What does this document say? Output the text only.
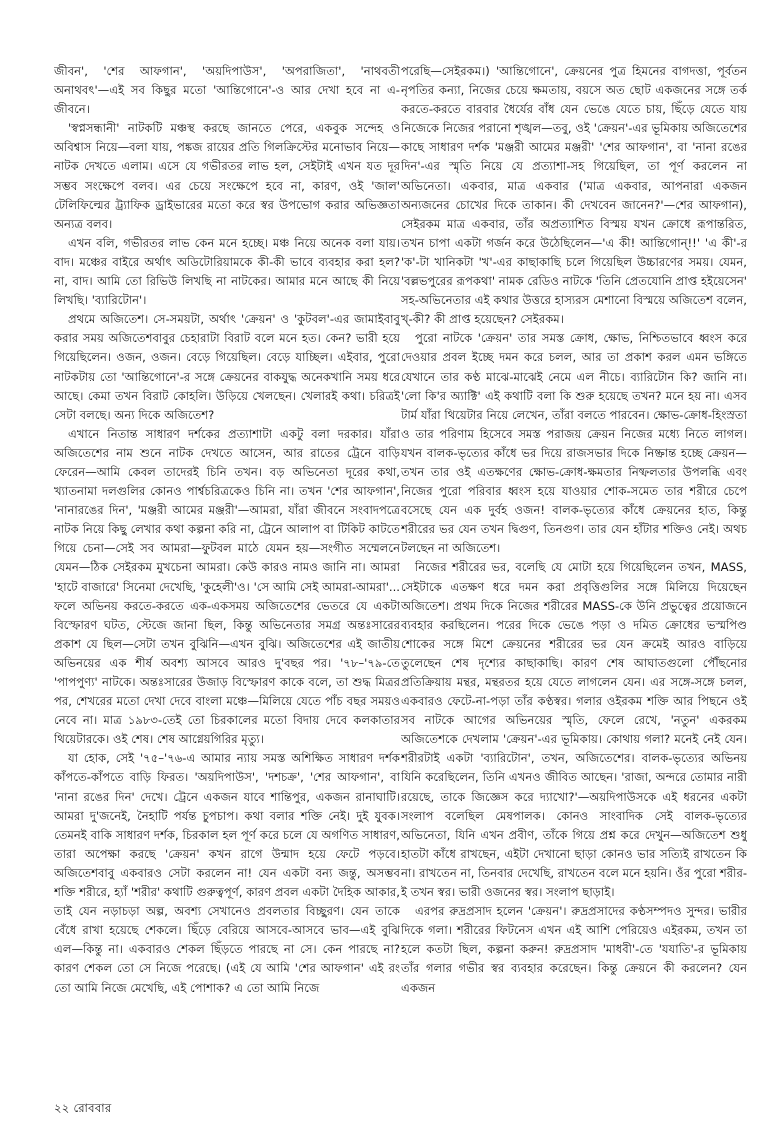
জীবন', 'শের আফগান', 'অয়দিপাউস', 'অপরাজিতা', 'নাথবতী অনাথবৎ'—এই সব কিছুর মতো 'আন্তিগোনে'-ও আর দেখা হবে না এ-জীবনে।

'স্বপ্নসন্ধানী' নাটকটি মঞ্চস্থ করছে জানতে পেরে, একবুক সন্দেহ ও অবিশ্বাস নিয়ে—বলা যায়, পঙ্কজ রায়ের প্রতি গিলক্রিস্টের মনোভাব নিয়ে—নাটক দেখতে এলাম। এসে যে গভীরতর লাভ হল, সেইটাই এখন যত দূর সম্ভব সংক্ষেপে বলব। এর চেয়ে সংক্ষেপে হবে না, কারণ, ওই 'জাল' টেলিফিল্মের ট্র্যাফিক ড্রাইভারের মতো করে স্বর উপভোগ করার অভিজ্ঞতা অন্যত্র বলব।

এখন বলি, গভীরতর লাভ কেন মনে হচ্ছে। মঞ্চ নিয়ে অনেক বলা যায়। বাদ। মঞ্চের বাইরে অর্থাৎ অডিটোরিয়ামকে কী-কী ভাবে ব্যবহার করা হল? না, বাদ। আমি তো রিভিউ লিখছি না নাটকের। আমার মনে আছে কী নিয়ে লিখছি। 'ব্যারিটোন'।

প্রথমে অজিতেশ। সে-সময়টা, অর্থাৎ 'ক্রেয়ন' ও 'কুটবল'-এর জামাইবাবু করার সময় অজিতেশবাবুর চেহারাটা বিরাট বলে মনে হত। কেন? ভারী হয়ে গিয়েছিলেন। ওজন, ওজন। বেড়ে গিয়েছিল। বেড়ে যাচ্ছিল। এইবার, পুরো নাটকটায় তো 'আন্তিগোনে'-র সঙ্গে ক্রেয়নের বাকযুদ্ধ অনেকখানি সময় ধরে আছে। কেমা তখন বিরাট কোহলি। উড়িয়ে খেলছেন। খেলারই কথা। চরিত্রই সেটা বলছে। অন্য দিকে অজিতেশ?

এখানে নিতান্ত সাধারণ দর্শকের প্রত্যাশাটা একটু বলা দরকার। যাঁরা অজিতেশের নাম শুনে নাটক দেখতে আসেন, আর রাতের ট্রেনে বাড়ি ফেরেন—আমি কেবল তাদেরই চিনি তখন। বড় অভিনেতা দূরের কথা, খ্যাতনামা দলগুলির কোনও পার্শ্বচরিত্রকেও চিনি না। তখন 'শের আফগান', 'নানারঙের দিন', 'মঞ্জরী আমের মঞ্জরী'—আমরা, যাঁরা জীবনে সংবাদপত্রে নাটক নিয়ে কিছু লেখার কথা কল্পনা করি না, ট্রেনে আলাপ বা টিকিট কাটতে গিয়ে চেনা—সেই সব আমরা—ফুটবল মাঠে যেমন হয়—সংগীত সম্মেলনে যেমন—ঠিক সেইরকম মুখচেনা আমরা। কেউ কারও নামও জানি না। আমরা 'হাটে বাজারে' সিনেমা দেখেছি, 'কুহেলী'ও। 'সে আমি সেই আমরা-আমরা'... ফলে অভিনয় করতে-করতে এক-একসময় অজিতেশের ভেতরে যে একটা বিস্ফোরণ ঘটত, স্টেজে জানা ছিল, কিন্তু অভিনেতার সমগ্র অন্তঃসারের প্রকাশ যে ছিল—সেটা তখন বুঝিনি—এখন বুঝি। অজিতেশের এই জাতীয় অভিনয়ের এক শীর্ষ অবশ্য আসবে আরও দু'বছর পর। '৭৮–'৭৯-তে 'পাপপুণ্য' নাটকে। অন্তঃসারের উজাড় বিস্ফোরণ কাকে বলে, তা শুদ্ধ মিত্রর পর, শেখরের মতো দেখা দেবে বাংলা মঞ্চে—মিলিয়ে যেতে পাঁচ বছর সময়ও নেবে না। মাত্র ১৯৮৩-তেই তো চিরকালের মতো বিদায় দেবে কলকাতার থিয়েটারকে। ওই শেষ। শেষ আগ্নেয়গিরির মৃত্যু।

যা হোক, সেই '৭৫–'৭৬-এ আমার ন্যায় সমস্ত অশিক্ষিত সাধারণ দর্শক কাঁপতে-কাঁপতে বাড়ি ফিরত। 'অয়দিপাউস', 'দশচক্র', 'শের আফগান', বা 'নানা রঙের দিন' দেখে। ট্রেনে একজন যাবে শান্তিপুর, একজন রানাঘাটি। আমরা দু'জনেই, নৈহাটি পর্যন্ত চুপচাপ। কথা বলার শক্তি নেই। দুই যুবক। তেমনই বাকি সাধারণ দর্শক, চিরকাল হল পূর্ণ করে চলে যে অগণিত সাধারণ, তারা অপেক্ষা করছে 'ক্রেয়ন' কখন রাগে উন্মাদ হয়ে ফেটে পড়বে। অজিতেশবাবু একবারও সেটা করলেন না! যেন একটা বন্য জন্তু, অসম্ভব শক্তি শরীরে, হ্যাঁ 'শরীর' কথাটি গুরুত্বপূর্ণ, কারণ প্রবল একটা দৈহিক আকার, তাই যেন নড়াচড়া অল্প, অবশ্য সেখানেও প্রবলতার বিচ্ছুরণ। যেন তাকে বেঁধে রাখা হয়েছে শেকলে। ছিঁড়ে বেরিয়ে আসবে-আসবে ভাব—এই বুঝি এল—কিন্তু না। একবারও শেকল ছিঁড়তে পারছে না সে। কেন পারছে না? কারণ শেকল তো সে নিজে পরেছে। (এই যে আমি 'শের আফগান' এই রং তো আমি নিজে মেখেছি, এই পোশাক? এ তো আমি নিজে

পরেছি—সেইরকম।) 'আন্তিগোনে', ক্রেয়নের পুত্র হিমনের বাগদত্তা, পূর্বতন নৃপতির কন্যা, নিজের চেয়ে ক্ষমতায়, বয়সে অত ছোট একজনের সঙ্গে তর্ক করতে-করতে বারবার ধৈর্যের বাঁধ যেন ভেঙে যেতে চায়, ছিঁড়ে যেতে যায় নিজেকে নিজের পরানো শৃঙ্খল—তবু, ওই 'ক্রেয়ন'-এর ভূমিকায় অজিতেশের কাছে সাধারণ দর্শক 'মঞ্জরী আমের মঞ্জরী' 'শের আফগান', বা 'নানা রঙের দিন'-এর স্মৃতি নিয়ে যে প্রত্যাশা-সহ গিয়েছিল, তা পূর্ণ করলেন না অভিনেতা। একবার, মাত্র একবার ('মাত্র একবার, আপনারা একজন অন্যজনের চোখের দিকে তাকান। কী দেখবেন জানেন?'—শের আফগান), সেইরকম মাত্র একবার, তাঁর অপ্রত্যাশিত বিস্ময় যখন ক্রোধে রূপান্তরিত, তখন চাপা একটা গর্জন করে উঠেছিলেন—'এ কী! আন্তিগোন্‌!!' 'এ কী'-র 'ক'-টা খানিকটা 'খ'-এর কাছাকাছি চলে গিয়েছিল উচ্চারণের সময়। যেমন, 'বল্লভপুরের রূপকথা' নামক রেডিও নাটকে 'তিনি প্রেতযোনি প্রাপ্ত হইয়েসেন' সহ-অভিনেতার এই কথার উত্তরে হাস্যরস মেশানো বিস্ময়ে অজিতেশ বলেন, খ্‌-কী? কী প্রাপ্ত হয়েছেন? সেইরকম।

পুরো নাটকে 'ক্রেয়ন' তার সমস্ত ক্রোধ, ক্ষোভ, নিশ্চিতভাবে ধ্বংস করে দেওয়ার প্রবল ইচ্ছে দমন করে চলল, আর তা প্রকাশ করল এমন ভঙ্গিতে যেখানে তার কণ্ঠ মাঝে-মাঝেই নেমে এল নীচে। ব্যারিটোন কি? জানি না। 'লো কি'র অ্যাক্টি' এই কথাটি বলা কি শুরু হয়েছে তখন? মনে হয় না। এসব টার্ম যাঁরা থিয়েটার নিয়ে লেখেন, তাঁরা বলতে পারবেন। ক্ষোভ-ক্রোধ-হিংস্রতা ও তার পরিণাম হিসেবে সমস্ত পরাজয় ক্রেয়ন নিজের মধ্যে নিতে লাগল। যখন বালক-ভৃত্যের কাঁধে ভর দিয়ে রাজসভার দিকে নিষ্ক্রান্ত হচ্ছে ক্রেয়ন—তখন তার ওই এতক্ষণের ক্ষোভ-ক্রোধ-ক্ষমতার নিষ্ফলতার উপলব্ধি এবং নিজের পুরো পরিবার ধ্বংস হয়ে যাওয়ার শোক-সমেত তার শরীরে চেপে বসেছে যেন এক দুর্বহ ওজন! বালক-ভৃত্যের কাঁধে ক্রেয়নের হাত, কিন্তু শরীরের ভর যেন তখন দ্বিগুণ, তিনগুণ। তার যেন হাঁটার শক্তিও নেই। অথচ টলছেন না অজিতেশ।

নিজের শরীরের ভর, বলেছি যে মোটা হয়ে গিয়েছিলেন তখন, MASS, সেইটাকে এতক্ষণ ধরে দমন করা প্রবৃত্তিগুলির সঙ্গে মিলিয়ে দিয়েছেন অজিতেশ। প্রথম দিকে নিজের শরীরের MASS-কে উনি প্রভুত্বের প্রয়োজনে ব্যবহার করছিলেন। পরের দিকে ভেঙে পড়া ও দমিত ক্রোধের ভস্মপিণ্ড শোকের সঙ্গে মিশে ক্রেয়নের শরীরের ভর যেন ক্রমেই আরও বাড়িয়ে তুলেছেন শেষ দৃশ্যের কাছাকাছি। কারণ শেষ আঘাতগুলো পৌঁছনোর প্রতিক্রিয়ায় মন্থর, মন্থরতর হয়ে যেতে লাগলেন যেন। এর সঙ্গে-সঙ্গে চলল, একবারও ফেটে-না-পড়া তাঁর কণ্ঠস্বর। গলার ওইরকম শক্তি আর পিছনে ওই সব নাটকে আগের অভিনয়ের স্মৃতি, ফেলে রেখে, 'নতুন' একরকম অজিতেশকে দেখলাম 'ক্রেয়ন'-এর ভূমিকায়। কোথায় গলা? মনেই নেই যেন। শরীরটাই একটা 'ব্যারিটোন', তখন, অজিতেশের। বালক-ভৃত্যের অভিনয় যিনি করেছিলেন, তিনি এখনও জীবিত আছেন। 'রাজা, অন্দরে তোমার নারী রয়েছে, তাকে জিজ্ঞেস করে দ্যাখো?'—অয়দিপাউসকে এই ধরনের একটা সংলাপ বলেছিল মেষপালক। কোনও সাংবাদিক সেই বালক-ভৃত্যের অভিনেতা, যিনি এখন প্রবীণ, তাঁকে গিয়ে প্রশ্ন করে দেখুন—অজিতেশ শুধু হাতটা কাঁধে রাখছেন, এইটা দেখানো ছাড়া কোনও ভার সত্যিই রাখতেন কি না। রাখতেন না, তিনবার দেখেছি, রাখতেন বলে মনে হয়নি। ওঁর পুরো শরীর-ই তখন স্বর। ভারী ওজনের স্বর। সংলাপ ছাড়াই।

এরপর রুদ্রপ্রসাদ হলেন 'ক্রেয়ন'। রুদ্রপ্রসাদের কণ্ঠসম্পদও সুন্দর। ভারীর দিকে গলা। শরীরের ফিটনেস এখন এই আশি পেরিয়েও এইরকম, তখন তা হলে কতটা ছিল, কল্পনা করুন! রুদ্রপ্রসাদ 'মাধবী'-তে 'যযাতি'-র ভূমিকায় তাঁর গলার গভীর স্বর ব্যবহার করেছেন। কিন্তু ক্রেয়নে কী করলেন? যেন একজন

২২ রোববার
